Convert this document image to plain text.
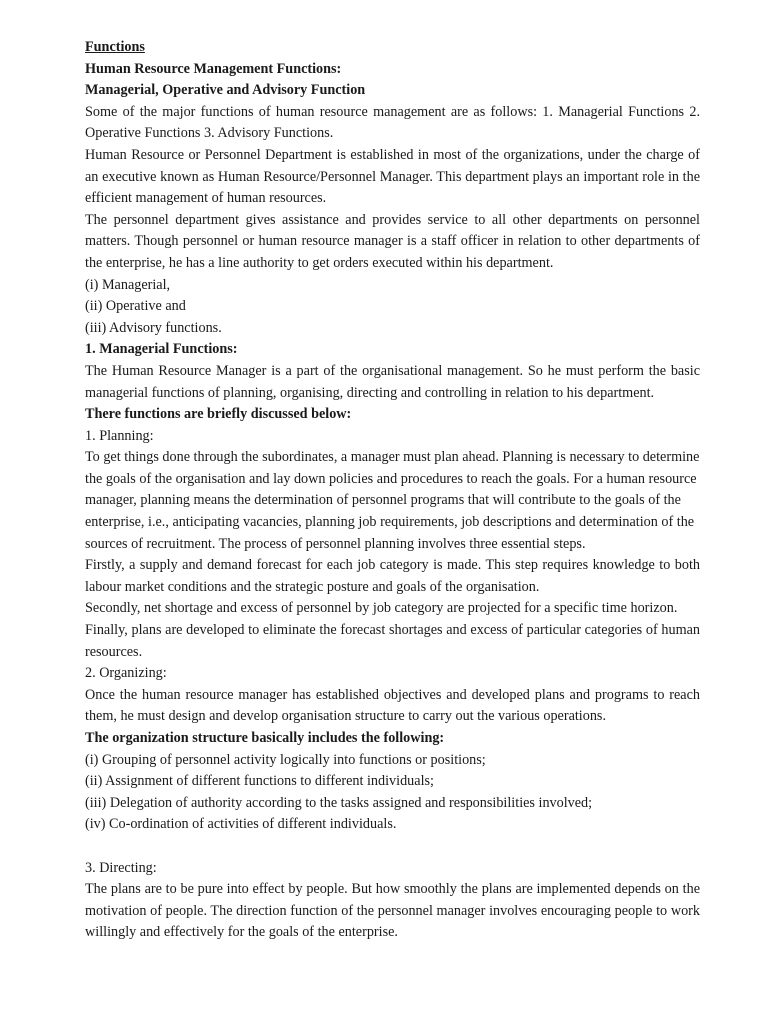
Functions

Human Resource Management Functions:

Managerial, Operative and Advisory Function

Some of the major functions of human resource management are as follows: 1. Managerial Functions 2. Operative Functions 3. Advisory Functions.

Human Resource or Personnel Department is established in most of the organizations, under the charge of an executive known as Human Resource/Personnel Manager. This department plays an important role in the efficient management of human resources.

The personnel department gives assistance and provides service to all other departments on personnel matters. Though personnel or human resource manager is a staff officer in relation to other departments of the enterprise, he has a line authority to get orders executed within his department.

(i) Managerial,

(ii) Operative and

(iii) Advisory functions.

1. Managerial Functions:

The Human Resource Manager is a part of the organisational management. So he must perform the basic managerial functions of planning, organising, directing and controlling in relation to his department.

There functions are briefly discussed below:

1. Planning:

To get things done through the subordinates, a manager must plan ahead. Planning is necessary to determine the goals of the organisation and lay down policies and procedures to reach the goals. For a human resource manager, planning means the determination of personnel programs that will contribute to the goals of the enterprise, i.e., anticipating vacancies, planning job requirements, job descriptions and determination of the sources of recruitment. The process of personnel planning involves three essential steps.

Firstly, a supply and demand forecast for each job category is made. This step requires knowledge to both labour market conditions and the strategic posture and goals of the organisation.

Secondly, net shortage and excess of personnel by job category are projected for a specific time horizon.

Finally, plans are developed to eliminate the forecast shortages and excess of particular categories of human resources.

2. Organizing:

Once the human resource manager has established objectives and developed plans and programs to reach them, he must design and develop organisation structure to carry out the various operations.

The organization structure basically includes the following:

(i) Grouping of personnel activity logically into functions or positions;

(ii) Assignment of different functions to different individuals;

(iii) Delegation of authority according to the tasks assigned and responsibilities involved;

(iv) Co-ordination of activities of different individuals.

3. Directing:

The plans are to be pure into effect by people. But how smoothly the plans are implemented depends on the motivation of people. The direction function of the personnel manager involves encouraging people to work willingly and effectively for the goals of the enterprise.
